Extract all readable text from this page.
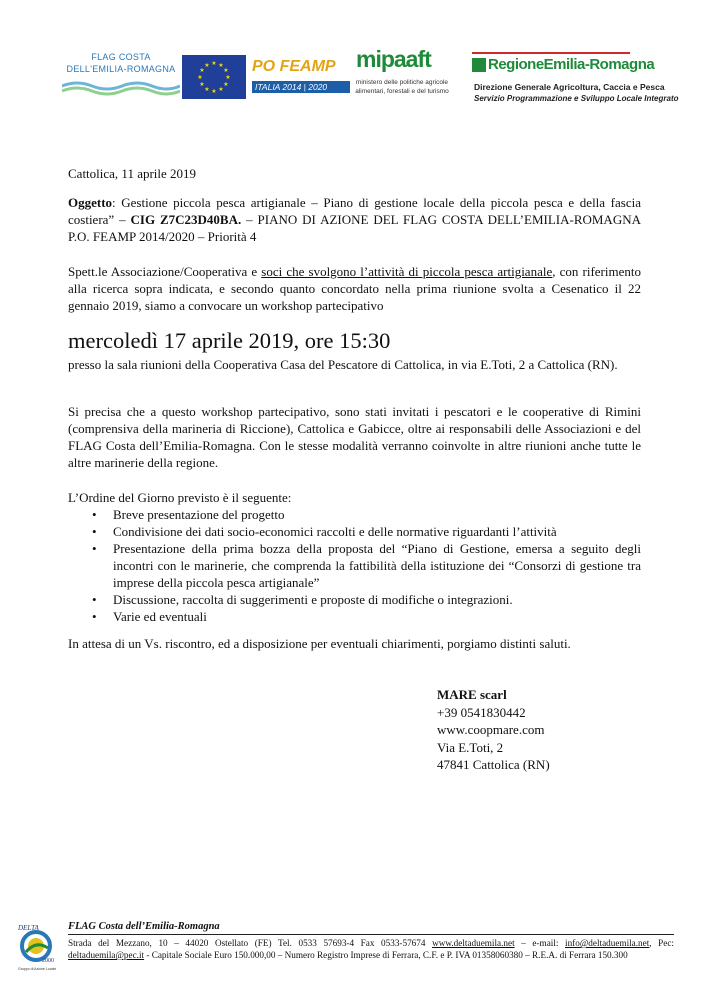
FLAG COSTA
DELL'EMILIA-ROMAGNA
★ ★
★
★
★
★
★
★
★
★
★
★	PO FEAMP
ITALIA 2014 | 2020
mipaaft
ministero delle politiche agricole alimentari, forestali e del turismo
RegioneEmilia-Romagna
Direzione Generale Agricoltura, Caccia e Pesca
Servizio Programmazione e Sviluppo Locale Integrato
Cattolica, 11 aprile 2019
Oggetto: Gestione piccola pesca artigianale – Piano di gestione locale della piccola pesca e della fascia costiera” – CIG Z7C23D40BA. – PIANO DI AZIONE DEL FLAG COSTA DELL’EMILIA-ROMAGNA P.O. FEAMP 2014/2020 – Priorità 4
Spett.le Associazione/Cooperativa e soci che svolgono l’attività di piccola pesca artigianale, con riferimento alla ricerca sopra indicata, e secondo quanto concordato nella prima riunione svolta a Cesenatico il 22 gennaio 2019, siamo a convocare un workshop partecipativo
mercoledì 17 aprile 2019, ore 15:30
presso la sala riunioni della Cooperativa Casa del Pescatore di Cattolica, in via E.Toti, 2 a Cattolica (RN).
Si precisa che a questo workshop partecipativo, sono stati invitati i pescatori e le cooperative di Rimini (comprensiva della marineria di Riccione), Cattolica e Gabicce, oltre ai responsabili delle Associazioni e del FLAG Costa dell’Emilia-Romagna. Con le stesse modalità verranno coinvolte in altre riunioni anche tutte le altre marinerie della regione.
L’Ordine del Giorno previsto è il seguente:
• Breve presentazione del progetto
• Condivisione dei dati socio-economici raccolti e delle normative riguardanti l’attività
• Presentazione della prima bozza della proposta del “Piano di Gestione, emersa a seguito degli incontri con le marinerie, che comprenda la fattibilità della istituzione dei “Consorzi di gestione tra imprese della piccola pesca artigianale”
• Discussione, raccolta di suggerimenti e proposte di modifiche o integrazioni.
• Varie ed eventuali
In attesa di un Vs. riscontro, ed a disposizione per eventuali chiarimenti, porgiamo distinti saluti.
MARE scarl
+39 0541830442
www.coopmare.com
Via E.Toti, 2
47841 Cattolica (RN)
DELTA
2000
Gruppo di Azione Locale
FLAG Costa dell’Emilia-Romagna
Strada del Mezzano, 10 – 44020 Ostellato (FE) Tel. 0533 57693-4 Fax 0533-57674 www.deltaduemila.net – e-mail: info@deltaduemila.net, Pec: deltaduemila@pec.it - Capitale Sociale Euro 150.000,00 – Numero Registro Imprese di Ferrara, C.F. e P. IVA 01358060380 – R.E.A. di Ferrara 150.300
